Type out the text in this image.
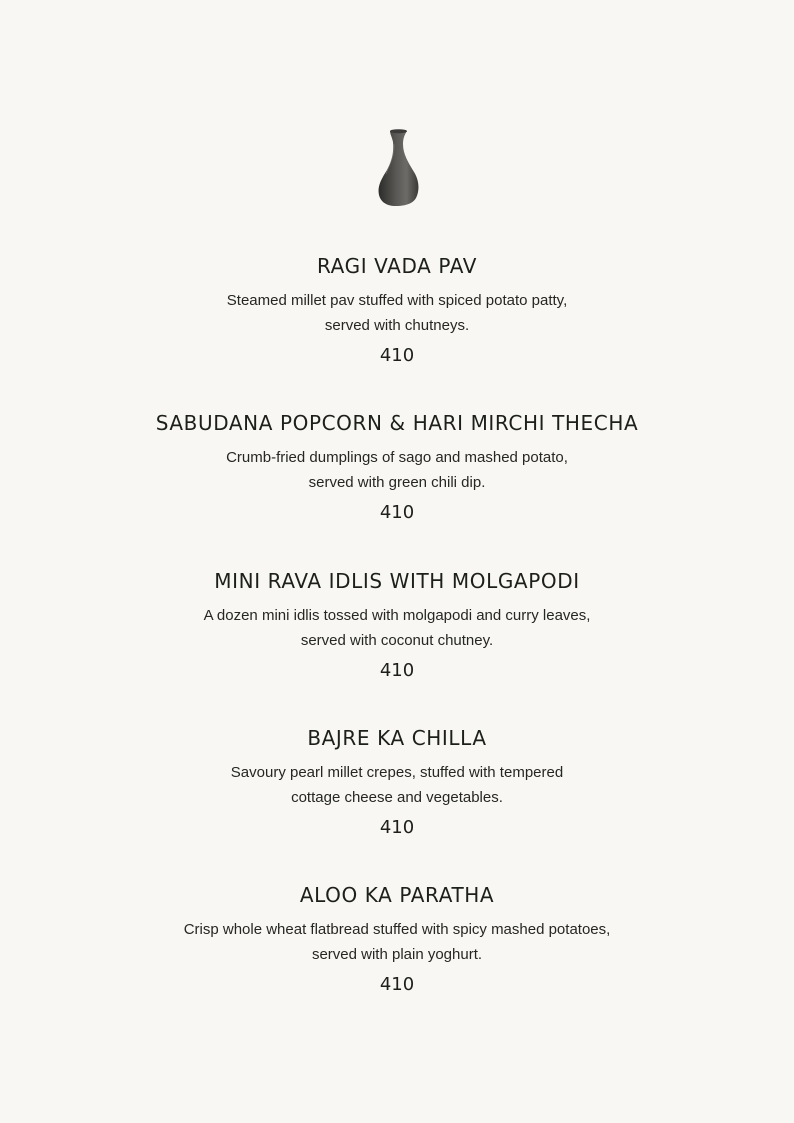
RAGI VADA PAV
Steamed millet pav stuffed with spiced potato patty,
served with chutneys.
410
SABUDANA POPCORN & HARI MIRCHI THECHA
Crumb-fried dumplings of sago and mashed potato,
served with green chili dip.
410
MINI RAVA IDLIS WITH MOLGAPODI
A dozen mini idlis tossed with molgapodi and curry leaves,
served with coconut chutney.
410
BAJRE KA CHILLA
Savoury pearl millet crepes, stuffed with tempered
cottage cheese and vegetables.
410
ALOO KA PARATHA
Crisp whole wheat flatbread stuffed with spicy mashed potatoes,
served with plain yoghurt.
410
